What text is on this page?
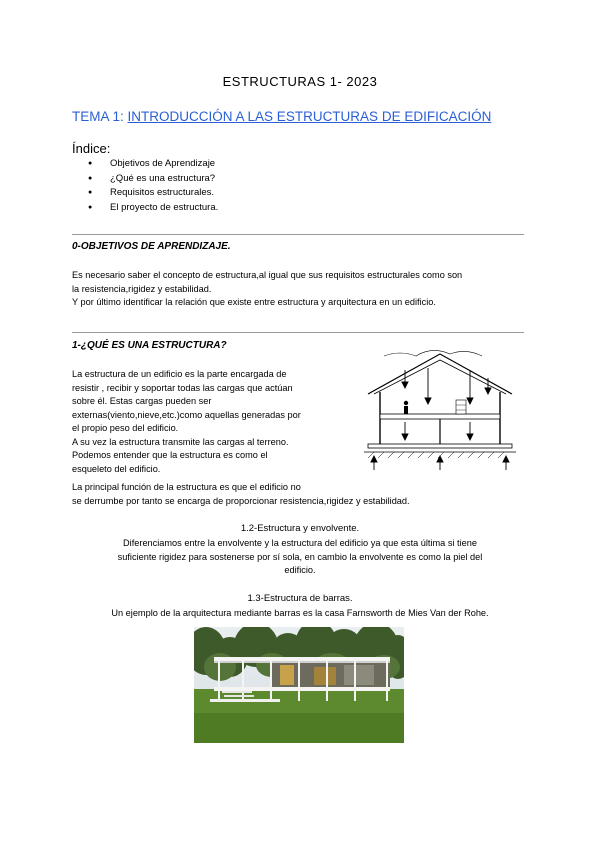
ESTRUCTURAS 1- 2023
TEMA 1: INTRODUCCIÓN A LAS ESTRUCTURAS DE EDIFICACIÓN
Índice:
● Objetivos de Aprendizaje
● ¿Qué es una estructura?
● Requisitos estructurales.
● El proyecto de estructura.
0-OBJETIVOS DE APRENDIZAJE.

Es necesario saber el concepto de estructura,al igual que sus requisitos estructurales como son

la resistencia,rigidez y estabilidad.

Y por último identificar la relación que existe entre estructura y arquitectura en un edificio.

1-¿QUÉ ES UNA ESTRUCTURA?

La estructura de un edificio es la parte encargada de

resistir , recibir y soportar todas las cargas que actúan

sobre él. Estas cargas pueden ser

externas(viento,nieve,etc.)como aquellas generadas por

el propio peso del edificio.

A su vez la estructura transmite las cargas al terreno.

Podemos entender que la estructura es como el

esqueleto del edificio.

La principal función de la estructura es que el edificio no

se derrumbe por tanto se encarga de proporcionar resistencia,rigidez y estabilidad.

1.2-Estructura y envolvente.

Diferenciamos entre la envolvente y la estructura del edificio ya que esta última si tiene

suficiente rigidez para sostenerse por sí sola, en cambio la envolvente es como la piel del

edificio.

1.3-Estructura de barras.

Un ejemplo de la arquitectura mediante barras es la casa Farnsworth de Mies Van der Rohe.
